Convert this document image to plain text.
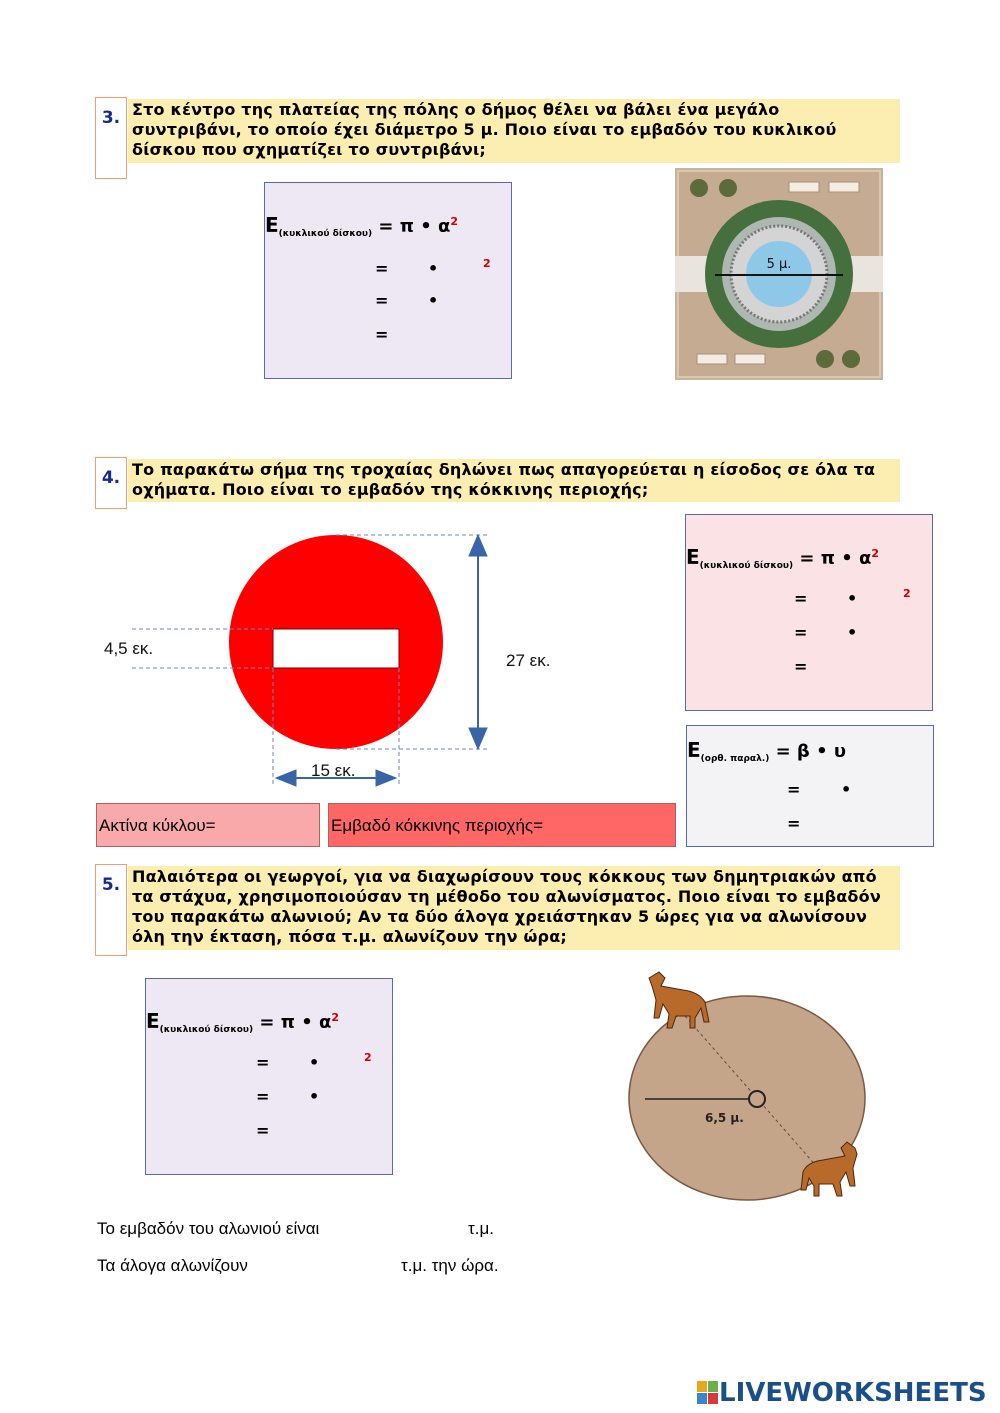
3. Στο κέντρο της πλατείας της πόλης ο δήμος θέλει να βάλει ένα μεγάλο
συντριβάνι, το οποίο έχει διάμετρο 5 μ. Ποιο είναι το εμβαδόν του κυκλικού
δίσκου που σχηματίζει το συντριβάνι;
$E_{(\kappa\upsilon\kappa\lambda\iota\kappa oύ \delta ί\sigma\kappa o\upsilon)} = \pi$ • $\alpha^2$
= •	2
= •
=
5 μ.
4. Το παρακάτω σήμα της τροχαίας δηλώνει πως απαγορεύεται η είσοδος σε όλα τα
οχήματα. Ποιο είναι το εμβαδόν της κόκκινης περιοχής;
4,5 εκ.
27 εκ.
15 εκ.
Ακτίνα κύκλου=	Εμβαδό κόκκινης περιοχής=
$E_{(\kappa\upsilon\kappa\lambda\iota\kappa oύ \delta ί\sigma\kappa o\upsilon)} = \pi$ • $\alpha^2$
= •	2
= •
=
$E_{(o\rho\theta. \pi\alpha\rho\alpha\lambda.)} = \beta$ • υ
=	•
=
5. Παλαιότερα οι γεωργοί, για να διαχωρίσουν τους κόκκους των δημητριακών από
τα στάχυα, χρησιμοποιούσαν τη μέθοδο του αλωνίσματος. Ποιο είναι το εμβαδόν
του παρακάτω αλωνιού; Αν τα δύο άλογα χρειάστηκαν 5 ώρες για να αλωνίσουν
όλη την έκταση, πόσα τ.μ. αλωνίζουν την ώρα;
$E_{(\kappa\upsilon\kappa\lambda\iota\kappa oύ \delta ί\sigma\kappa o\upsilon)} = \pi$ • $\alpha^2$
= •	2
= •
=
6,5 μ.
Το εμβαδόν του αλωνιού είναι	τ.μ.
Τα άλογα αλωνίζουν	τ.μ. την ώρα.
LIVEWORKSHEETS
